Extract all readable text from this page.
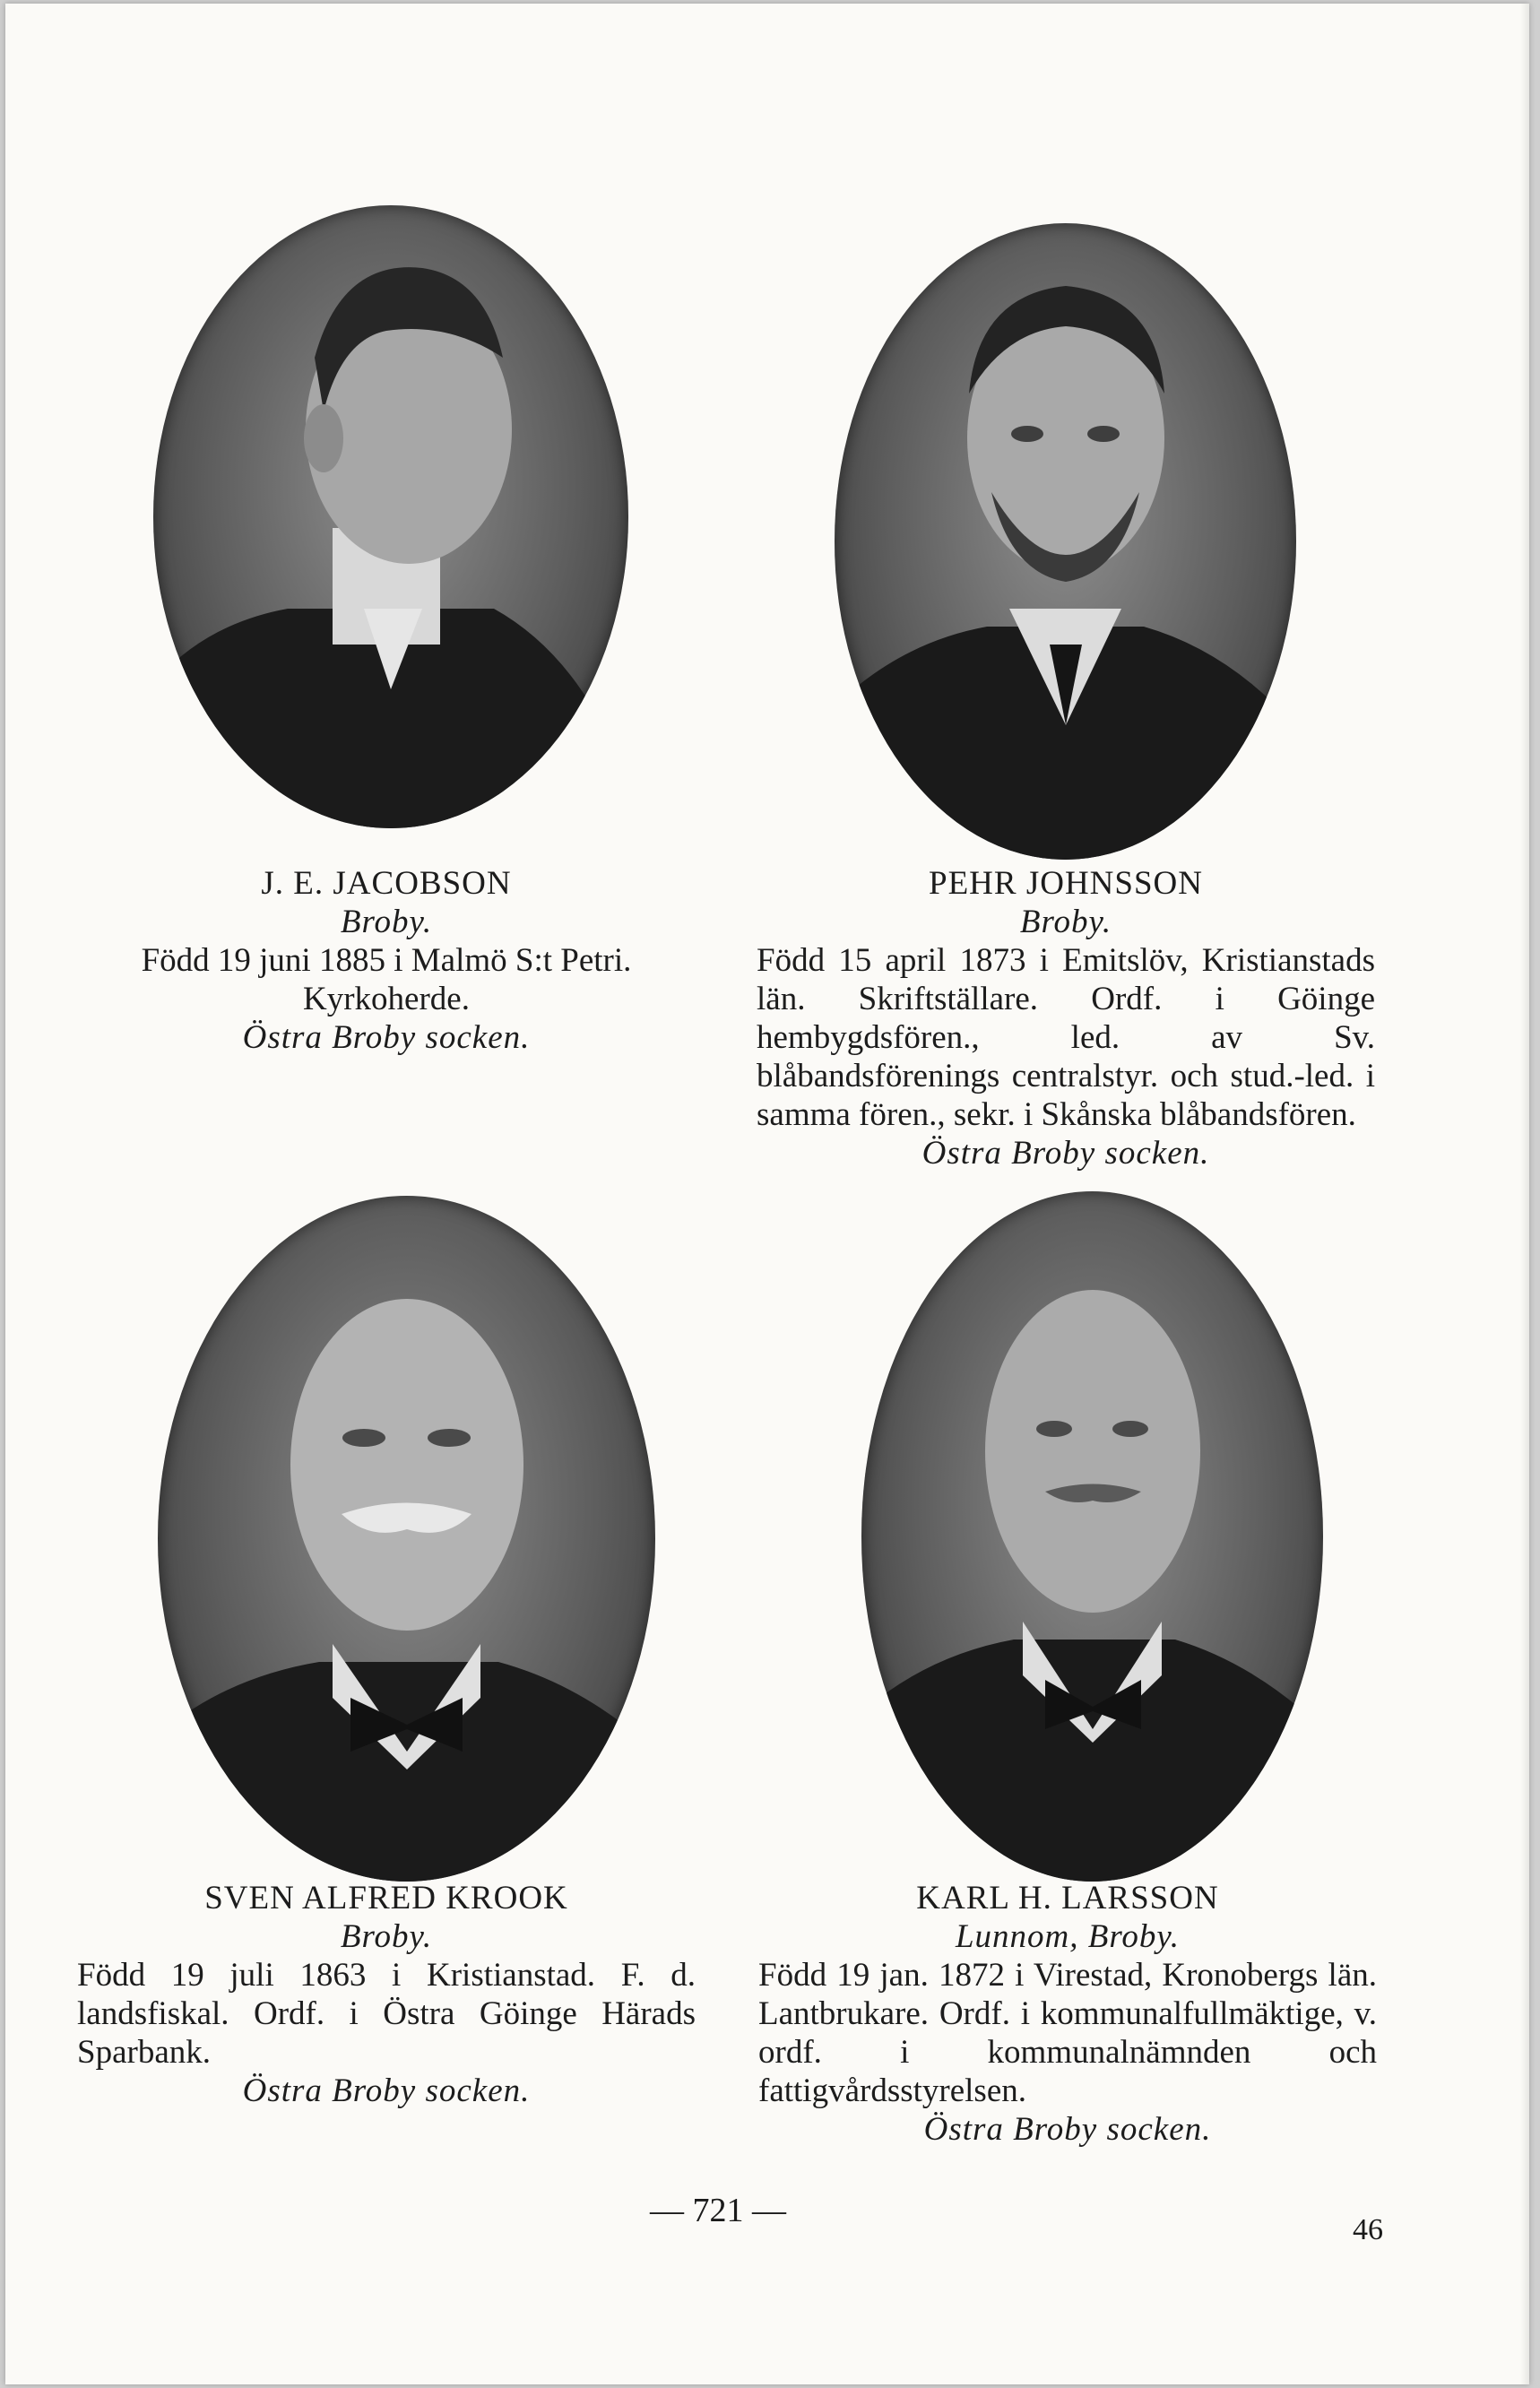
J. E. JACOBSON
Broby.
Född 19 juni 1885 i Malmö S:t Petri. Kyrkoherde.
Östra Broby socken.
PEHR JOHNSSON
Broby.
Född 15 april 1873 i Emitslöv, Kristianstads län. Skriftställare. Ordf. i Göinge hembygdsfören., led. av Sv. blåbandsförenings centralstyr. och stud.-led. i samma fören., sekr. i Skånska blåbandsfören.
Östra Broby socken.
SVEN ALFRED KROOK
Broby.
Född 19 juli 1863 i Kristianstad. F. d. landsfiskal. Ordf. i Östra Göinge Härads Sparbank.
Östra Broby socken.
KARL H. LARSSON
Lunnom, Broby.
Född 19 jan. 1872 i Virestad, Kronobergs län. Lantbrukare. Ordf. i kommunalfullmäktige, v. ordf. i kommunalnämnden och fattigvårdsstyrelsen.
Östra Broby socken.
— 721 —
46
